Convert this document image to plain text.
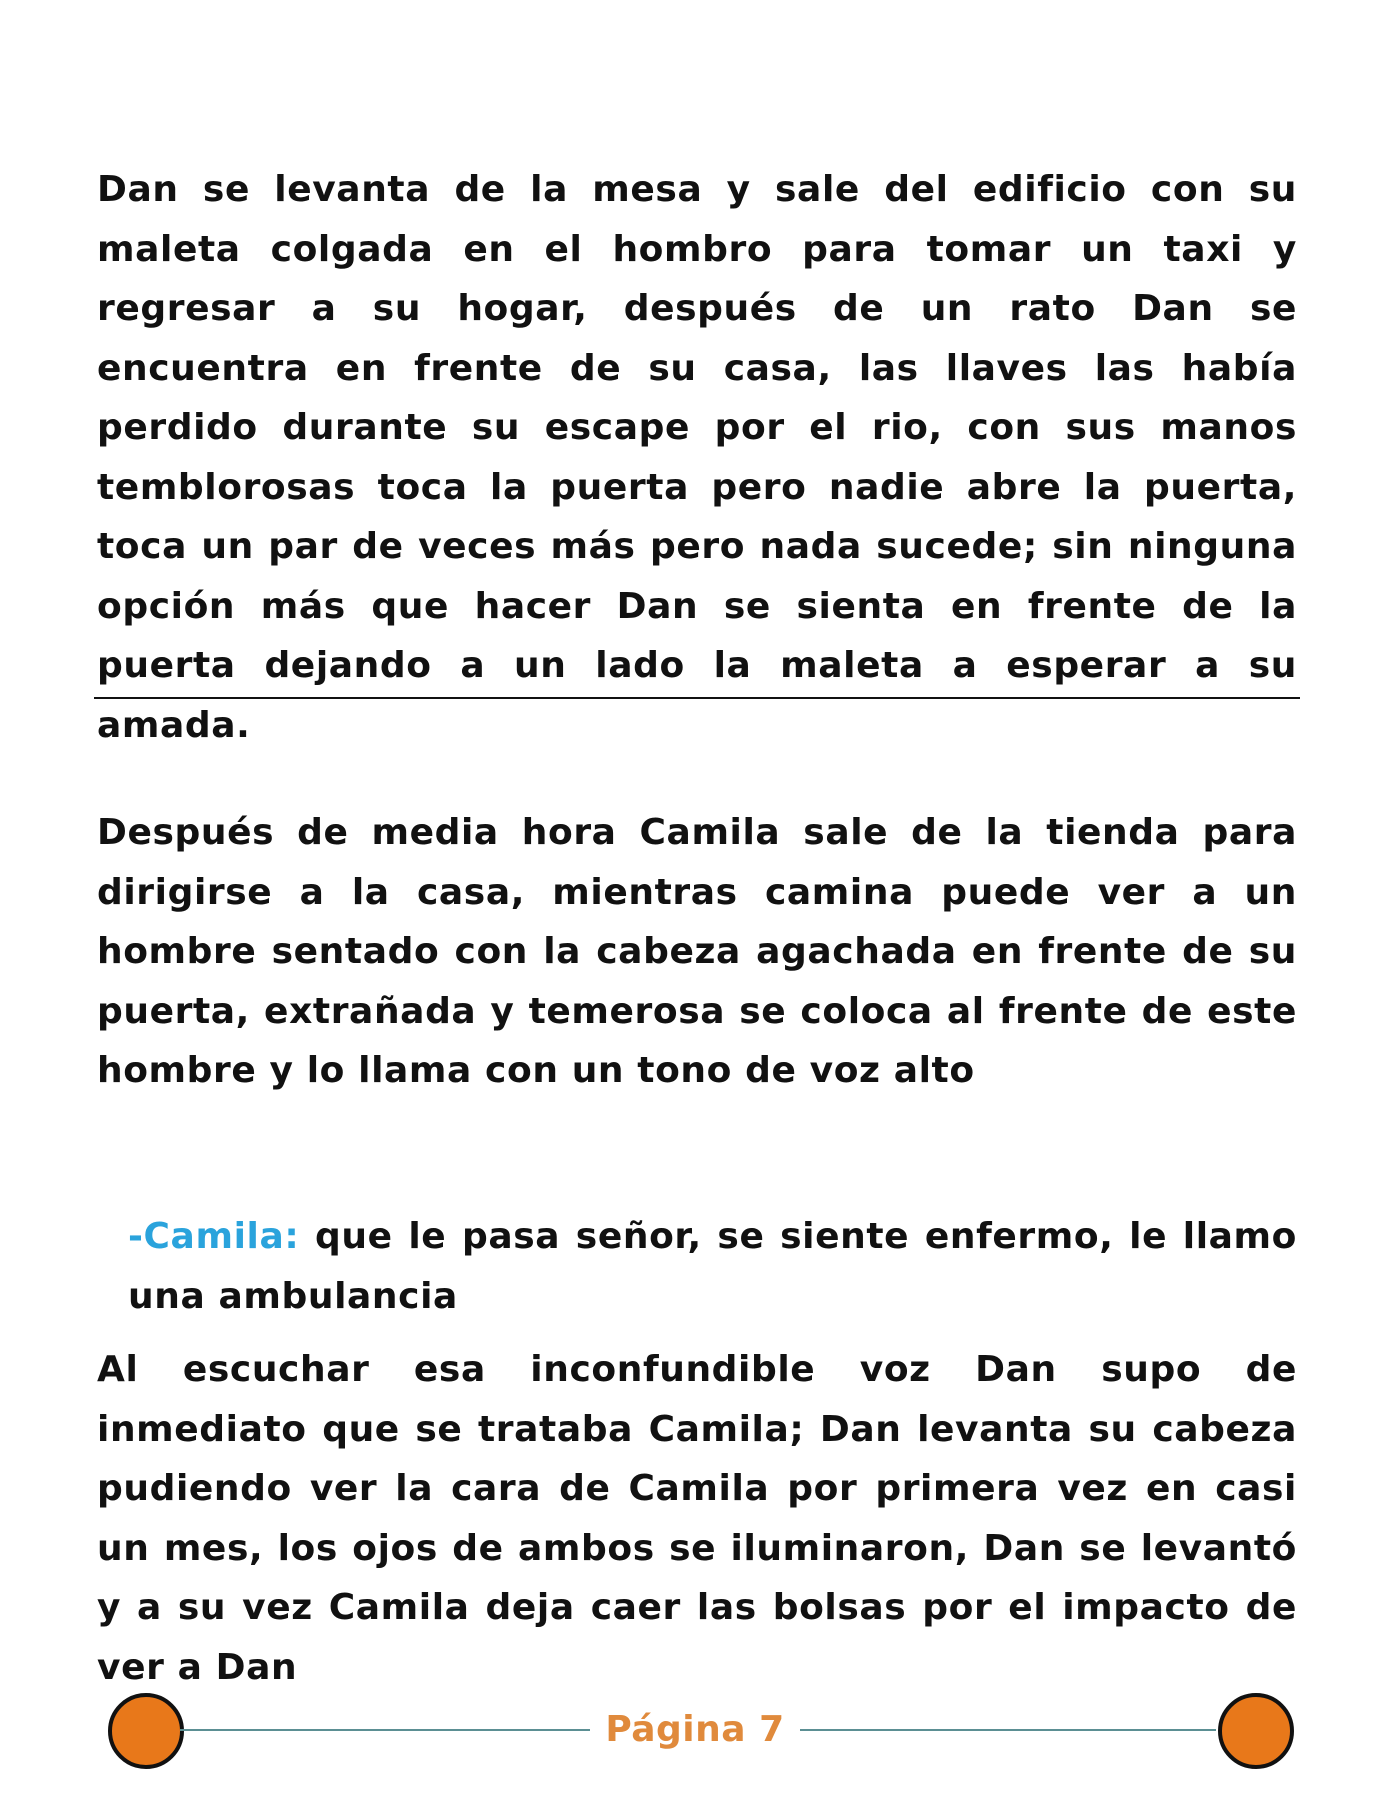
Dan se levanta de la mesa y sale del edificio con su maleta colgada en el hombro para tomar un taxi y regresar a su hogar, después de un rato Dan se encuentra en frente de su casa, las llaves las había perdido durante su escape por el rio, con sus manos temblorosas toca la puerta pero nadie abre la puerta, toca un par de veces más pero nada sucede; sin ninguna opción más que hacer Dan se sienta en frente de la puerta dejando a un lado la maleta a esperar a su amada.

Después de media hora Camila sale de la tienda para dirigirse a la casa, mientras camina puede ver a un hombre sentado con la cabeza agachada en frente de su puerta, extrañada y temerosa se coloca al frente de este hombre y lo llama con un tono de voz alto

-Camila: que le pasa señor, se siente enfermo, le llamo una ambulancia

Al escuchar esa inconfundible voz Dan supo de inmediato que se trataba Camila; Dan levanta su cabeza pudiendo ver la cara de Camila por primera vez en casi un mes, los ojos de ambos se iluminaron, Dan se levantó y a su vez Camila deja caer las bolsas por el impacto de ver a Dan

Página 7
